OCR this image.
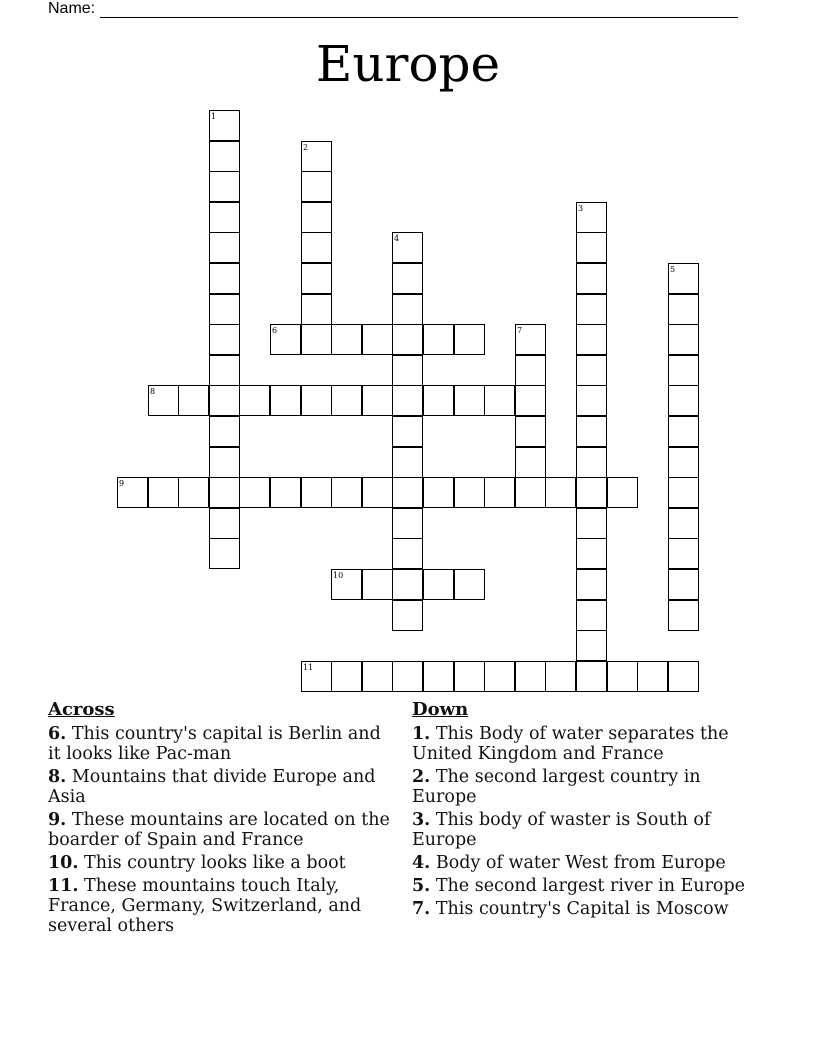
Name:
Europe
1
2
3
4
5
6	7
8
9
10
11
Across
6. This country's capital is Berlin and it looks like Pac-man
8. Mountains that divide Europe and Asia
9. These mountains are located on the boarder of Spain and France
10. This country looks like a boot
11. These mountains touch Italy, France, Germany, Switzerland, and several others
Down
1. This Body of water separates the United Kingdom and France
2. The second largest country in Europe
3. This body of waster is South of Europe
4. Body of water West from Europe
5. The second largest river in Europe
7. This country's Capital is Moscow
